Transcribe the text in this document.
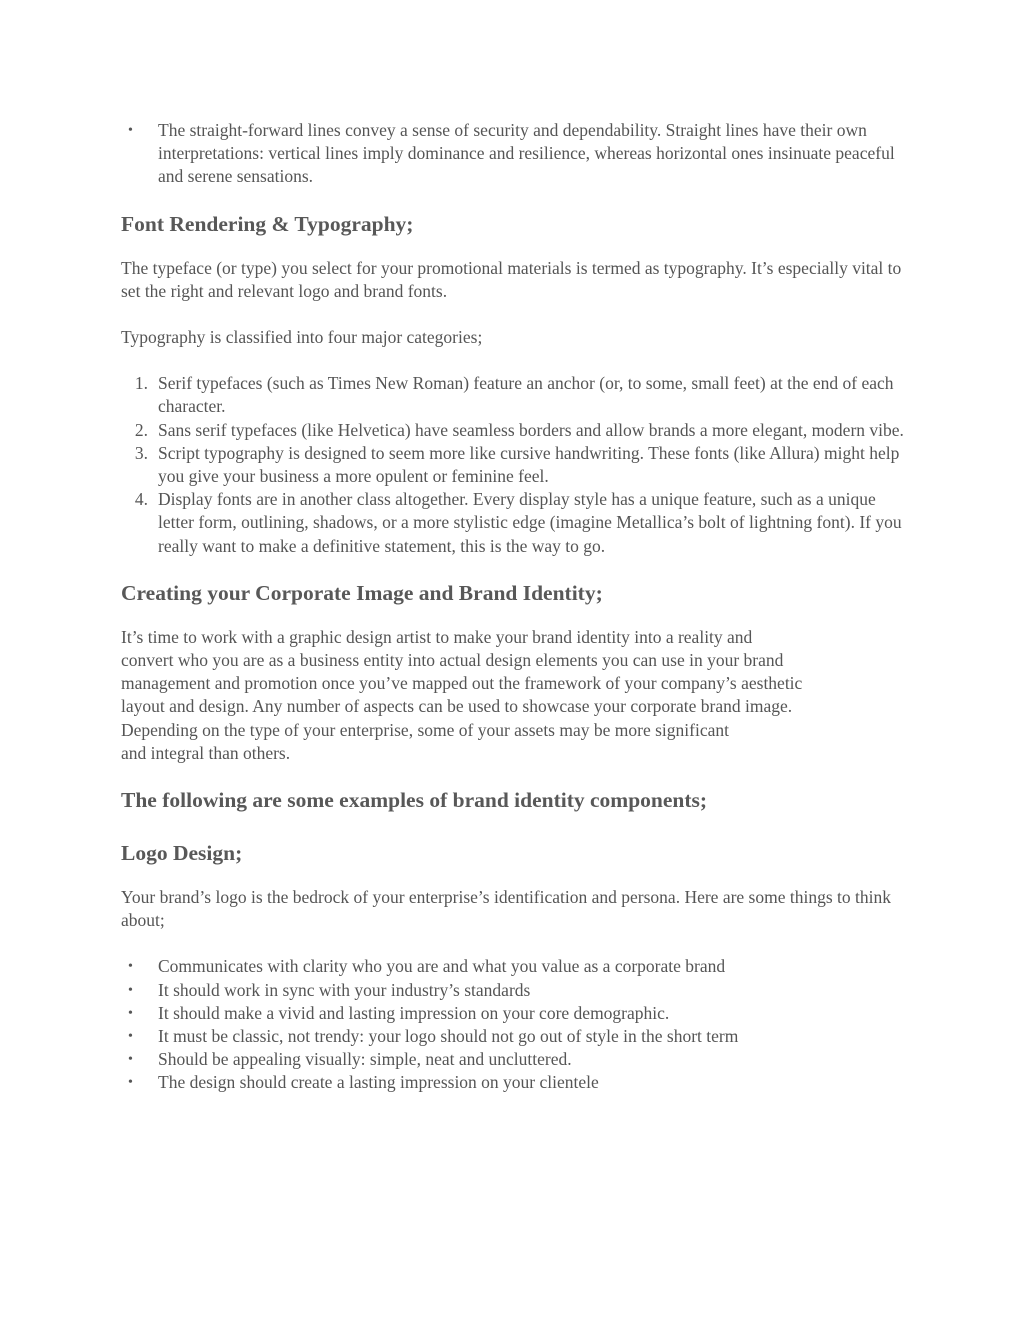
• The straight-forward lines convey a sense of security and dependability. Straight lines have their own interpretations: vertical lines imply dominance and resilience, whereas horizontal ones insinuate peaceful and serene sensations.
Font Rendering & Typography;

The typeface (or type) you select for your promotional materials is termed as typography. It’s especially vital to set the right and relevant logo and brand fonts.

Typography is classified into four major categories;

1. Serif typefaces (such as Times New Roman) feature an anchor (or, to some, small feet) at the end of each character.
2. Sans serif typefaces (like Helvetica) have seamless borders and allow brands a more elegant, modern vibe.
3. Script typography is designed to seem more like cursive handwriting. These fonts (like Allura) might help you give your business a more opulent or feminine feel.
4. Display fonts are in another class altogether. Every display style has a unique feature, such as a unique letter form, outlining, shadows, or a more stylistic edge (imagine Metallica’s bolt of lightning font). If you really want to make a definitive statement, this is the way to go.
Creating your Corporate Image and Brand Identity;

It’s time to work with a graphic design artist to make your brand identity into a reality and

convert who you are as a business entity into actual design elements you can use in your brand

management and promotion once you’ve mapped out the framework of your company’s aesthetic

layout and design. Any number of aspects can be used to showcase your corporate brand image.

Depending on the type of your enterprise, some of your assets may be more significant

and integral than others.

The following are some examples of brand identity components;
Logo Design;

Your brand’s logo is the bedrock of your enterprise’s identification and persona. Here are some things to think about;

• Communicates with clarity who you are and what you value as a corporate brand
• It should work in sync with your industry’s standards
• It should make a vivid and lasting impression on your core demographic.
• It must be classic, not trendy: your logo should not go out of style in the short term
• Should be appealing visually: simple, neat and uncluttered.
• The design should create a lasting impression on your clientele
